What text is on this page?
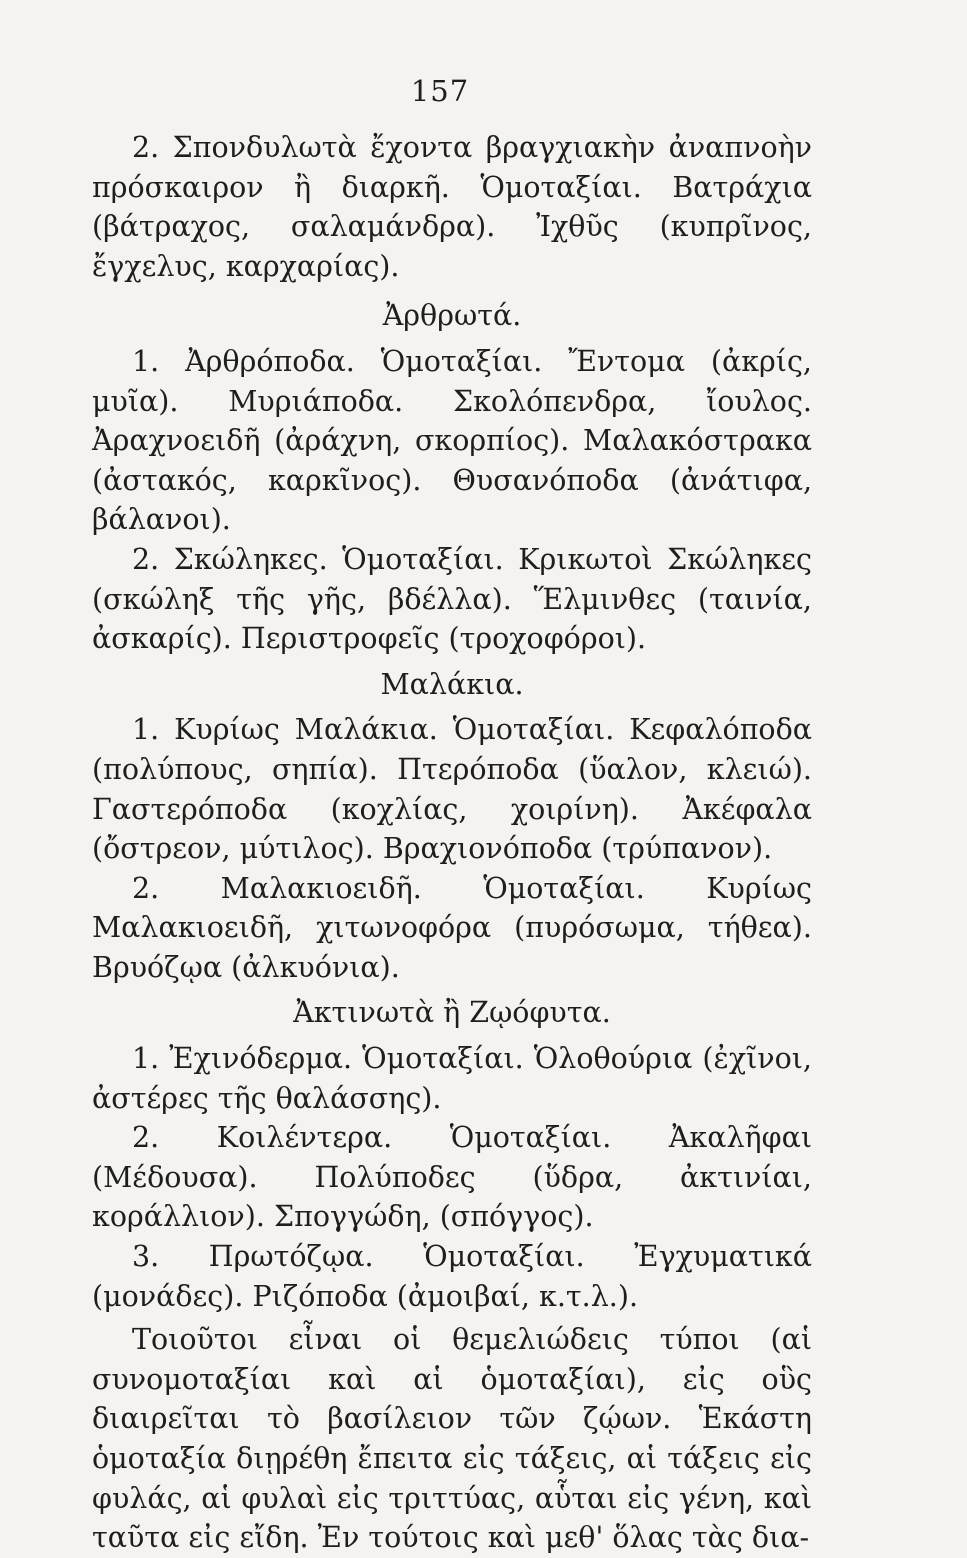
157

2. Σπονδυλωτὰ ἔχοντα βραγχιακὴν ἀναπνοὴν πρόσκαιρον ἢ διαρκῆ. Ὁμοταξίαι. Βατράχια (βάτραχος, σαλαμάνδρα). Ἰχθῦς (κυπρῖνος, ἔγχελυς, καρχαρίας).

Ἀρθρωτά.

1. Ἀρθρόποδα. Ὁμοταξίαι. Ἔντομα (ἀκρίς, μυῖα). Μυριάποδα. Σκολόπενδρα, ἴουλος. Ἀραχνοειδῆ (ἀράχνη, σκορπίος). Μαλακόστρακα (ἀστακός, καρκῖνος). Θυσανόποδα (ἀνάτιφα, βάλανοι).

2. Σκώληκες. Ὁμοταξίαι. Κρικωτοὶ Σκώληκες (σκώληξ τῆς γῆς, βδέλλα). Ἕλμινθες (ταινία, ἀσκαρίς). Περιστροφεῖς (τροχοφόροι).

Μαλάκια.

1. Κυρίως Μαλάκια. Ὁμοταξίαι. Κεφαλόποδα (πολύπους, σηπία). Πτερόποδα (ὕαλον, κλειώ). Γαστερόποδα (κοχλίας, χοιρίνη). Ἀκέφαλα (ὄστρεον, μύτιλος). Βραχιονόποδα (τρύπανον).

2. Μαλακιοειδῆ. Ὁμοταξίαι. Κυρίως Μαλακιοειδῆ, χιτωνοφόρα (πυρόσωμα, τήθεα). Βρυόζῳα (ἀλκυόνια).

Ἀκτινωτὰ ἢ Ζῳόφυτα.

1. Ἐχινόδερμα. Ὁμοταξίαι. Ὁλοθούρια (ἐχῖνοι, ἀστέρες τῆς θαλάσσης).

2. Κοιλέντερα. Ὁμοταξίαι. Ἀκαλῆφαι (Μέδουσα). Πολύποδες (ὕδρα, ἀκτινίαι, κοράλλιον). Σπογγώδη, (σπόγγος).

3. Πρωτόζῳα. Ὁμοταξίαι. Ἐγχυματικά (μονάδες). Ριζόποδα (ἀμοιβαί, κ.τ.λ.).

Τοιοῦτοι εἶναι οἱ θεμελιώδεις τύποι (αἱ συνομοταξίαι καὶ αἱ ὁμοταξίαι), εἰς οὓς διαιρεῖται τὸ βασίλειον τῶν ζῴων. Ἑκάστη ὁμοταξία διῃρέθη ἔπειτα εἰς τάξεις, αἱ τάξεις εἰς φυλάς, αἱ φυλαὶ εἰς τριττύας, αὗται εἰς γένη, καὶ ταῦτα εἰς εἴδη. Ἐν τούτοις καὶ μεθ' ὅλας τὰς δια-
